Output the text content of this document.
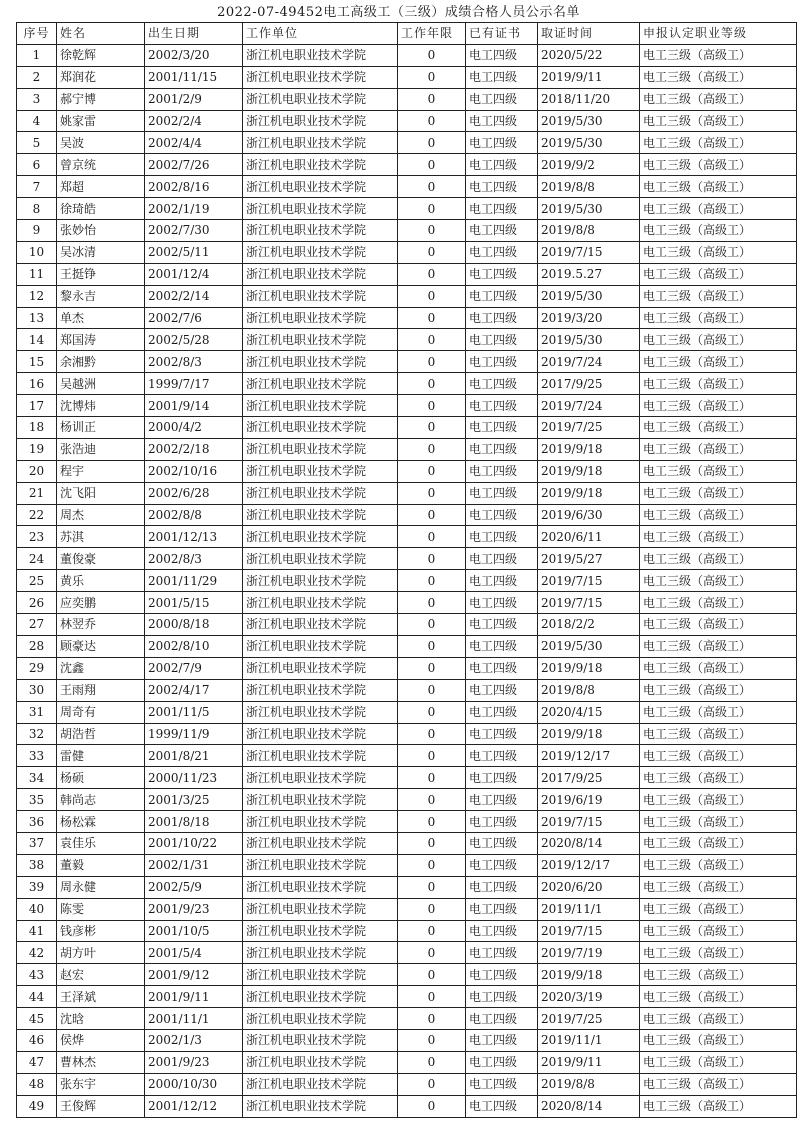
2022-07-49452电工高级工（三级）成绩合格人员公示名单
序号	姓名	出生日期	工作单位	工作年限	已有证书	取证时间	申报认定职业等级
1	徐乾辉	2002/3/20	浙江机电职业技术学院	0	电工四级	2020/5/22	电工三级（高级工）
2	郑润花	2001/11/15	浙江机电职业技术学院	0	电工四级	2019/9/11	电工三级（高级工）
3	郝宁博	2001/2/9	浙江机电职业技术学院	0	电工四级	2018/11/20	电工三级（高级工）
4	姚家雷	2002/2/4	浙江机电职业技术学院	0	电工四级	2019/5/30	电工三级（高级工）
5	吴波	2002/4/4	浙江机电职业技术学院	0	电工四级	2019/5/30	电工三级（高级工）
6	曾京统	2002/7/26	浙江机电职业技术学院	0	电工四级	2019/9/2	电工三级（高级工）
7	郑超	2002/8/16	浙江机电职业技术学院	0	电工四级	2019/8/8	电工三级（高级工）
8	徐琦皓	2002/1/19	浙江机电职业技术学院	0	电工四级	2019/5/30	电工三级（高级工）
9	张妙怡	2002/7/30	浙江机电职业技术学院	0	电工四级	2019/8/8	电工三级（高级工）
10	吴冰清	2002/5/11	浙江机电职业技术学院	0	电工四级	2019/7/15	电工三级（高级工）
11	王挺铮	2001/12/4	浙江机电职业技术学院	0	电工四级	2019.5.27	电工三级（高级工）
12	黎永吉	2002/2/14	浙江机电职业技术学院	0	电工四级	2019/5/30	电工三级（高级工）
13	单杰	2002/7/6	浙江机电职业技术学院	0	电工四级	2019/3/20	电工三级（高级工）
14	郑国涛	2002/5/28	浙江机电职业技术学院	0	电工四级	2019/5/30	电工三级（高级工）
15	余湘黔	2002/8/3	浙江机电职业技术学院	0	电工四级	2019/7/24	电工三级（高级工）
16	吴越洲	1999/7/17	浙江机电职业技术学院	0	电工四级	2017/9/25	电工三级（高级工）
17	沈博炜	2001/9/14	浙江机电职业技术学院	0	电工四级	2019/7/24	电工三级（高级工）
18	杨训正	2000/4/2	浙江机电职业技术学院	0	电工四级	2019/7/25	电工三级（高级工）
19	张浩迪	2002/2/18	浙江机电职业技术学院	0	电工四级	2019/9/18	电工三级（高级工）
20	程宇	2002/10/16	浙江机电职业技术学院	0	电工四级	2019/9/18	电工三级（高级工）
21	沈飞阳	2002/6/28	浙江机电职业技术学院	0	电工四级	2019/9/18	电工三级（高级工）
22	周杰	2002/8/8	浙江机电职业技术学院	0	电工四级	2019/6/30	电工三级（高级工）
23	苏淇	2001/12/13	浙江机电职业技术学院	0	电工四级	2020/6/11	电工三级（高级工）
24	董俊豪	2002/8/3	浙江机电职业技术学院	0	电工四级	2019/5/27	电工三级（高级工）
25	黄乐	2001/11/29	浙江机电职业技术学院	0	电工四级	2019/7/15	电工三级（高级工）
26	应奕鹏	2001/5/15	浙江机电职业技术学院	0	电工四级	2019/7/15	电工三级（高级工）
27	林翌乔	2000/8/18	浙江机电职业技术学院	0	电工四级	2018/2/2	电工三级（高级工）
28	顾豪达	2002/8/10	浙江机电职业技术学院	0	电工四级	2019/5/30	电工三级（高级工）
29	沈鑫	2002/7/9	浙江机电职业技术学院	0	电工四级	2019/9/18	电工三级（高级工）
30	王雨翔	2002/4/17	浙江机电职业技术学院	0	电工四级	2019/8/8	电工三级（高级工）
31	周奇有	2001/11/5	浙江机电职业技术学院	0	电工四级	2020/4/15	电工三级（高级工）
32	胡浩哲	1999/11/9	浙江机电职业技术学院	0	电工四级	2019/9/18	电工三级（高级工）
33	雷健	2001/8/21	浙江机电职业技术学院	0	电工四级	2019/12/17	电工三级（高级工）
34	杨硕	2000/11/23	浙江机电职业技术学院	0	电工四级	2017/9/25	电工三级（高级工）
35	韩尚志	2001/3/25	浙江机电职业技术学院	0	电工四级	2019/6/19	电工三级（高级工）
36	杨松霖	2001/8/18	浙江机电职业技术学院	0	电工四级	2019/7/15	电工三级（高级工）
37	袁佳乐	2001/10/22	浙江机电职业技术学院	0	电工四级	2020/8/14	电工三级（高级工）
38	董毅	2002/1/31	浙江机电职业技术学院	0	电工四级	2019/12/17	电工三级（高级工）
39	周永健	2002/5/9	浙江机电职业技术学院	0	电工四级	2020/6/20	电工三级（高级工）
40	陈雯	2001/9/23	浙江机电职业技术学院	0	电工四级	2019/11/1	电工三级（高级工）
41	钱彦彬	2001/10/5	浙江机电职业技术学院	0	电工四级	2019/7/15	电工三级（高级工）
42	胡方叶	2001/5/4	浙江机电职业技术学院	0	电工四级	2019/7/19	电工三级（高级工）
43	赵宏	2001/9/12	浙江机电职业技术学院	0	电工四级	2019/9/18	电工三级（高级工）
44	王泽斌	2001/9/11	浙江机电职业技术学院	0	电工四级	2020/3/19	电工三级（高级工）
45	沈晗	2001/11/1	浙江机电职业技术学院	0	电工四级	2019/7/25	电工三级（高级工）
46	侯烨	2002/1/3	浙江机电职业技术学院	0	电工四级	2019/11/1	电工三级（高级工）
47	曹林杰	2001/9/23	浙江机电职业技术学院	0	电工四级	2019/9/11	电工三级（高级工）
48	张东宇	2000/10/30	浙江机电职业技术学院	0	电工四级	2019/8/8	电工三级（高级工）
49	王俊辉	2001/12/12	浙江机电职业技术学院	0	电工四级	2020/8/14	电工三级（高级工）
